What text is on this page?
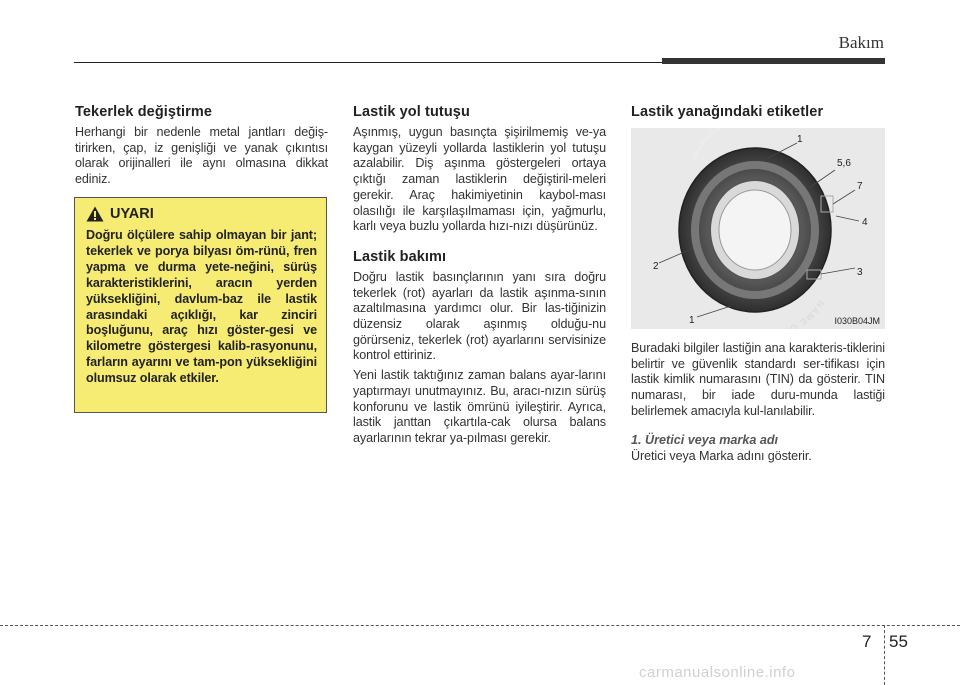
Bakım
Tekerlek değiştirme

Herhangi bir nedenle metal jantları değiş-tirirken, çap, iz genişliği ve yanak çıkıntısı olarak orijinalleri ile aynı olmasına dikkat ediniz.

UYARI

Doğru ölçülere sahip olmayan bir jant; tekerlek ve porya bilyası öm-rünü, fren yapma ve durma yete-neğini, sürüş karakteristiklerini, aracın yerden yüksekliğini, davlum-baz ile lastik arasındaki açıklığı, kar zinciri boşluğunu, araç hızı göster-gesi ve kilometre göstergesi kalib-rasyonunu, farların ayarını ve tam-pon yüksekliğini olumsuz olarak etkiler.

Lastik yol tutuşu

Aşınmış, uygun basınçta şişirilmemiş ve-ya kaygan yüzeyli yollarda lastiklerin yol tutuşu azalabilir. Diş aşınma göstergeleri ortaya çıktığı zaman lastiklerin değiştiril-meleri gerekir. Araç hakimiyetinin kaybol-ması olasılığı ile karşılaşılmaması için, yağmurlu, karlı veya buzlu yollarda hızı-nızı düşürünüz.

Lastik bakımı

Doğru lastik basınçlarının yanı sıra doğru tekerlek (rot) ayarları da lastik aşınma-sının azaltılmasına yardımcı olur. Bir las-tiğinizin düzensiz olarak aşınmış olduğu-nu görürseniz, tekerlek (rot) ayarlarını servisinize kontrol ettiriniz.

Yeni lastik taktığınız zaman balans ayar-larını yaptırmayı unutmayınız. Bu, aracı-nızın sürüş konforunu ve lastik ömrünü iyileştirir. Ayrıca, lastik janttan çıkartıla-cak olursa balans ayarlarının tekrar ya-pılması gerekir.

Lastik yanağındaki etiketler
MANUFACTUR
NAME O
1
5,6
7
4
3
2
1	I030B04JM

Buradaki bilgiler lastiğin ana karakteris-tiklerini belirtir ve güvenlik standardı ser-tifikası için lastik kimlik numarasını (TIN) da gösterir. TIN numarası, bir iade duru-munda lastiği belirlemek amacıyla kul-lanılabilir.

1. Üretici veya marka adı

Üretici veya Marka adını gösterir.

7 55
carmanualsonline.info
